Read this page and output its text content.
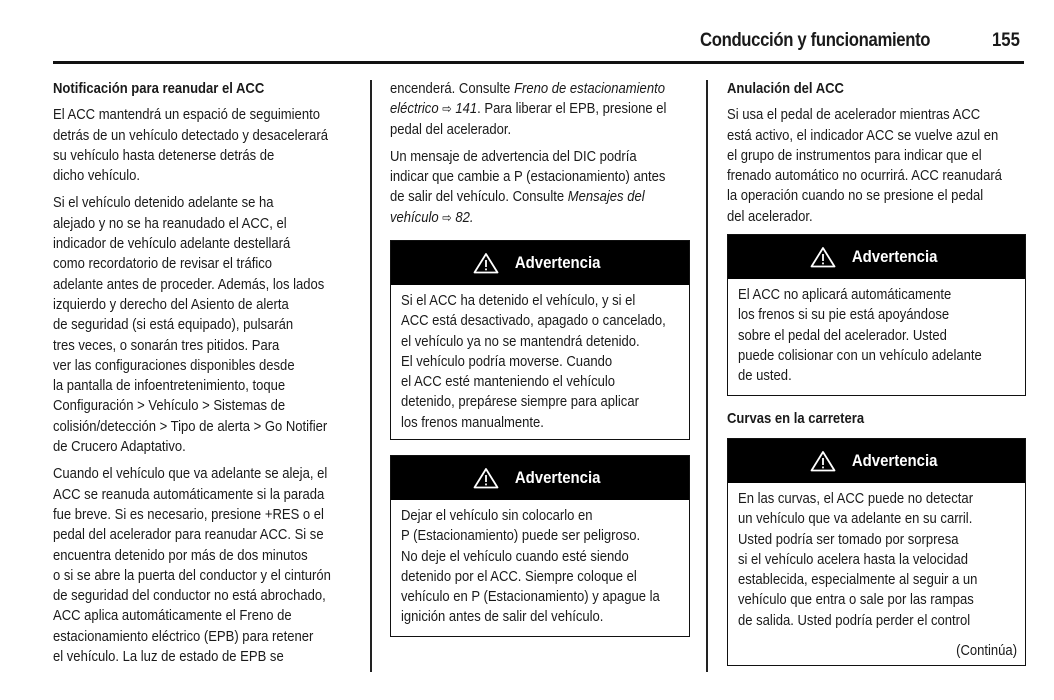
Conducción y funcionamiento	155
Notificación para reanudar el ACC

El ACC mantendrá un espació de seguimiento
detrás de un vehículo detectado y desacelerará
su vehículo hasta detenerse detrás de
dicho vehículo.

Si el vehículo detenido adelante se ha
alejado y no se ha reanudado el ACC, el
indicador de vehículo adelante destellará
como recordatorio de revisar el tráfico
adelante antes de proceder. Además, los lados
izquierdo y derecho del Asiento de alerta
de seguridad (si está equipado), pulsarán
tres veces, o sonarán tres pitidos. Para
ver las configuraciones disponibles desde
la pantalla de infoentretenimiento, toque
Configuración > Vehículo > Sistemas de
colisión/detección > Tipo de alerta > Go Notifier
de Crucero Adaptativo.

Cuando el vehículo que va adelante se aleja, el
ACC se reanuda automáticamente si la parada
fue breve. Si es necesario, presione +RES o el
pedal del acelerador para reanudar ACC. Si se
encuentra detenido por más de dos minutos
o si se abre la puerta del conductor y el cinturón
de seguridad del conductor no está abrochado,
ACC aplica automáticamente el Freno de
estacionamiento eléctrico (EPB) para retener
el vehículo. La luz de estado de EPB se

encenderá. Consulte Freno de estacionamiento
eléctrico ⇨ 141. Para liberar el EPB, presione el
pedal del acelerador.

Un mensaje de advertencia del DIC podría
indicar que cambie a P (estacionamiento) antes
de salir del vehículo. Consulte Mensajes del
vehículo ⇨ 82.

Advertencia
Si el ACC ha detenido el vehículo, y si el
ACC está desactivado, apagado o cancelado,
el vehículo ya no se mantendrá detenido.
El vehículo podría moverse. Cuando
el ACC esté manteniendo el vehículo
detenido, prepárese siempre para aplicar
los frenos manualmente.
Advertencia
Dejar el vehículo sin colocarlo en
P (Estacionamiento) puede ser peligroso.
No deje el vehículo cuando esté siendo
detenido por el ACC. Siempre coloque el
vehículo en P (Estacionamiento) y apague la
ignición antes de salir del vehículo.
Anulación del ACC

Si usa el pedal de acelerador mientras ACC
está activo, el indicador ACC se vuelve azul en
el grupo de instrumentos para indicar que el
frenado automático no ocurrirá. ACC reanudará
la operación cuando no se presione el pedal
del acelerador.

Advertencia
El ACC no aplicará automáticamente
los frenos si su pie está apoyándose
sobre el pedal del acelerador. Usted
puede colisionar con un vehículo adelante
de usted.
Curvas en la carretera
Advertencia
En las curvas, el ACC puede no detectar
un vehículo que va adelante en su carril.
Usted podría ser tomado por sorpresa
si el vehículo acelera hasta la velocidad
establecida, especialmente al seguir a un
vehículo que entra o sale por las rampas
de salida. Usted podría perder el control
(Continúa)
